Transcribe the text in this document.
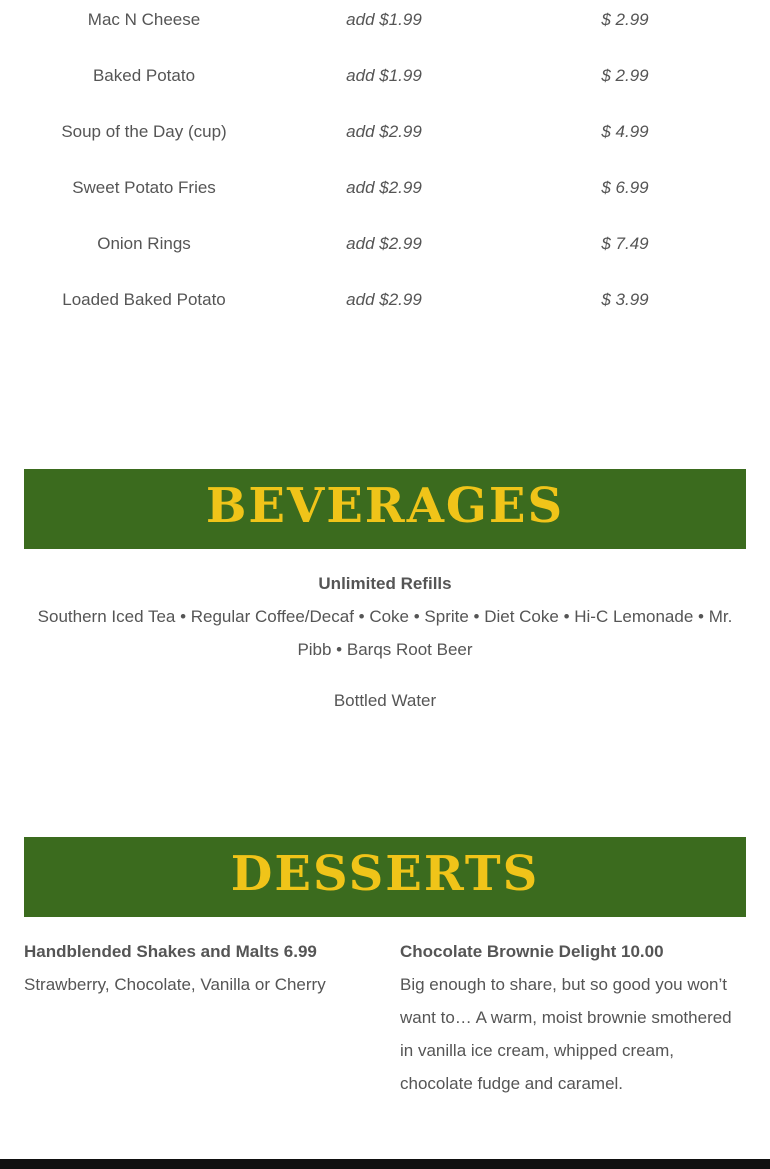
Mac N Cheese	add $1.99	$ 2.99
Baked Potato	add $1.99	$ 2.99
Soup of the Day (cup)	add $2.99	$ 4.99
Sweet Potato Fries	add $2.99	$ 6.99
Onion Rings	add $2.99	$ 7.49
Loaded Baked Potato	add $2.99	$ 3.99
BEVERAGES
Unlimited Refills
Southern Iced Tea • Regular Coffee/Decaf • Coke • Sprite • Diet Coke • Hi-C Lemonade • Mr. Pibb • Barqs Root Beer
Bottled Water
DESSERTS
Handblended Shakes and Malts 6.99
Strawberry, Chocolate, Vanilla or Cherry
Chocolate Brownie Delight 10.00
Big enough to share, but so good you won’t want to… A warm, moist brownie smothered in vanilla ice cream, whipped cream, chocolate fudge and caramel.
